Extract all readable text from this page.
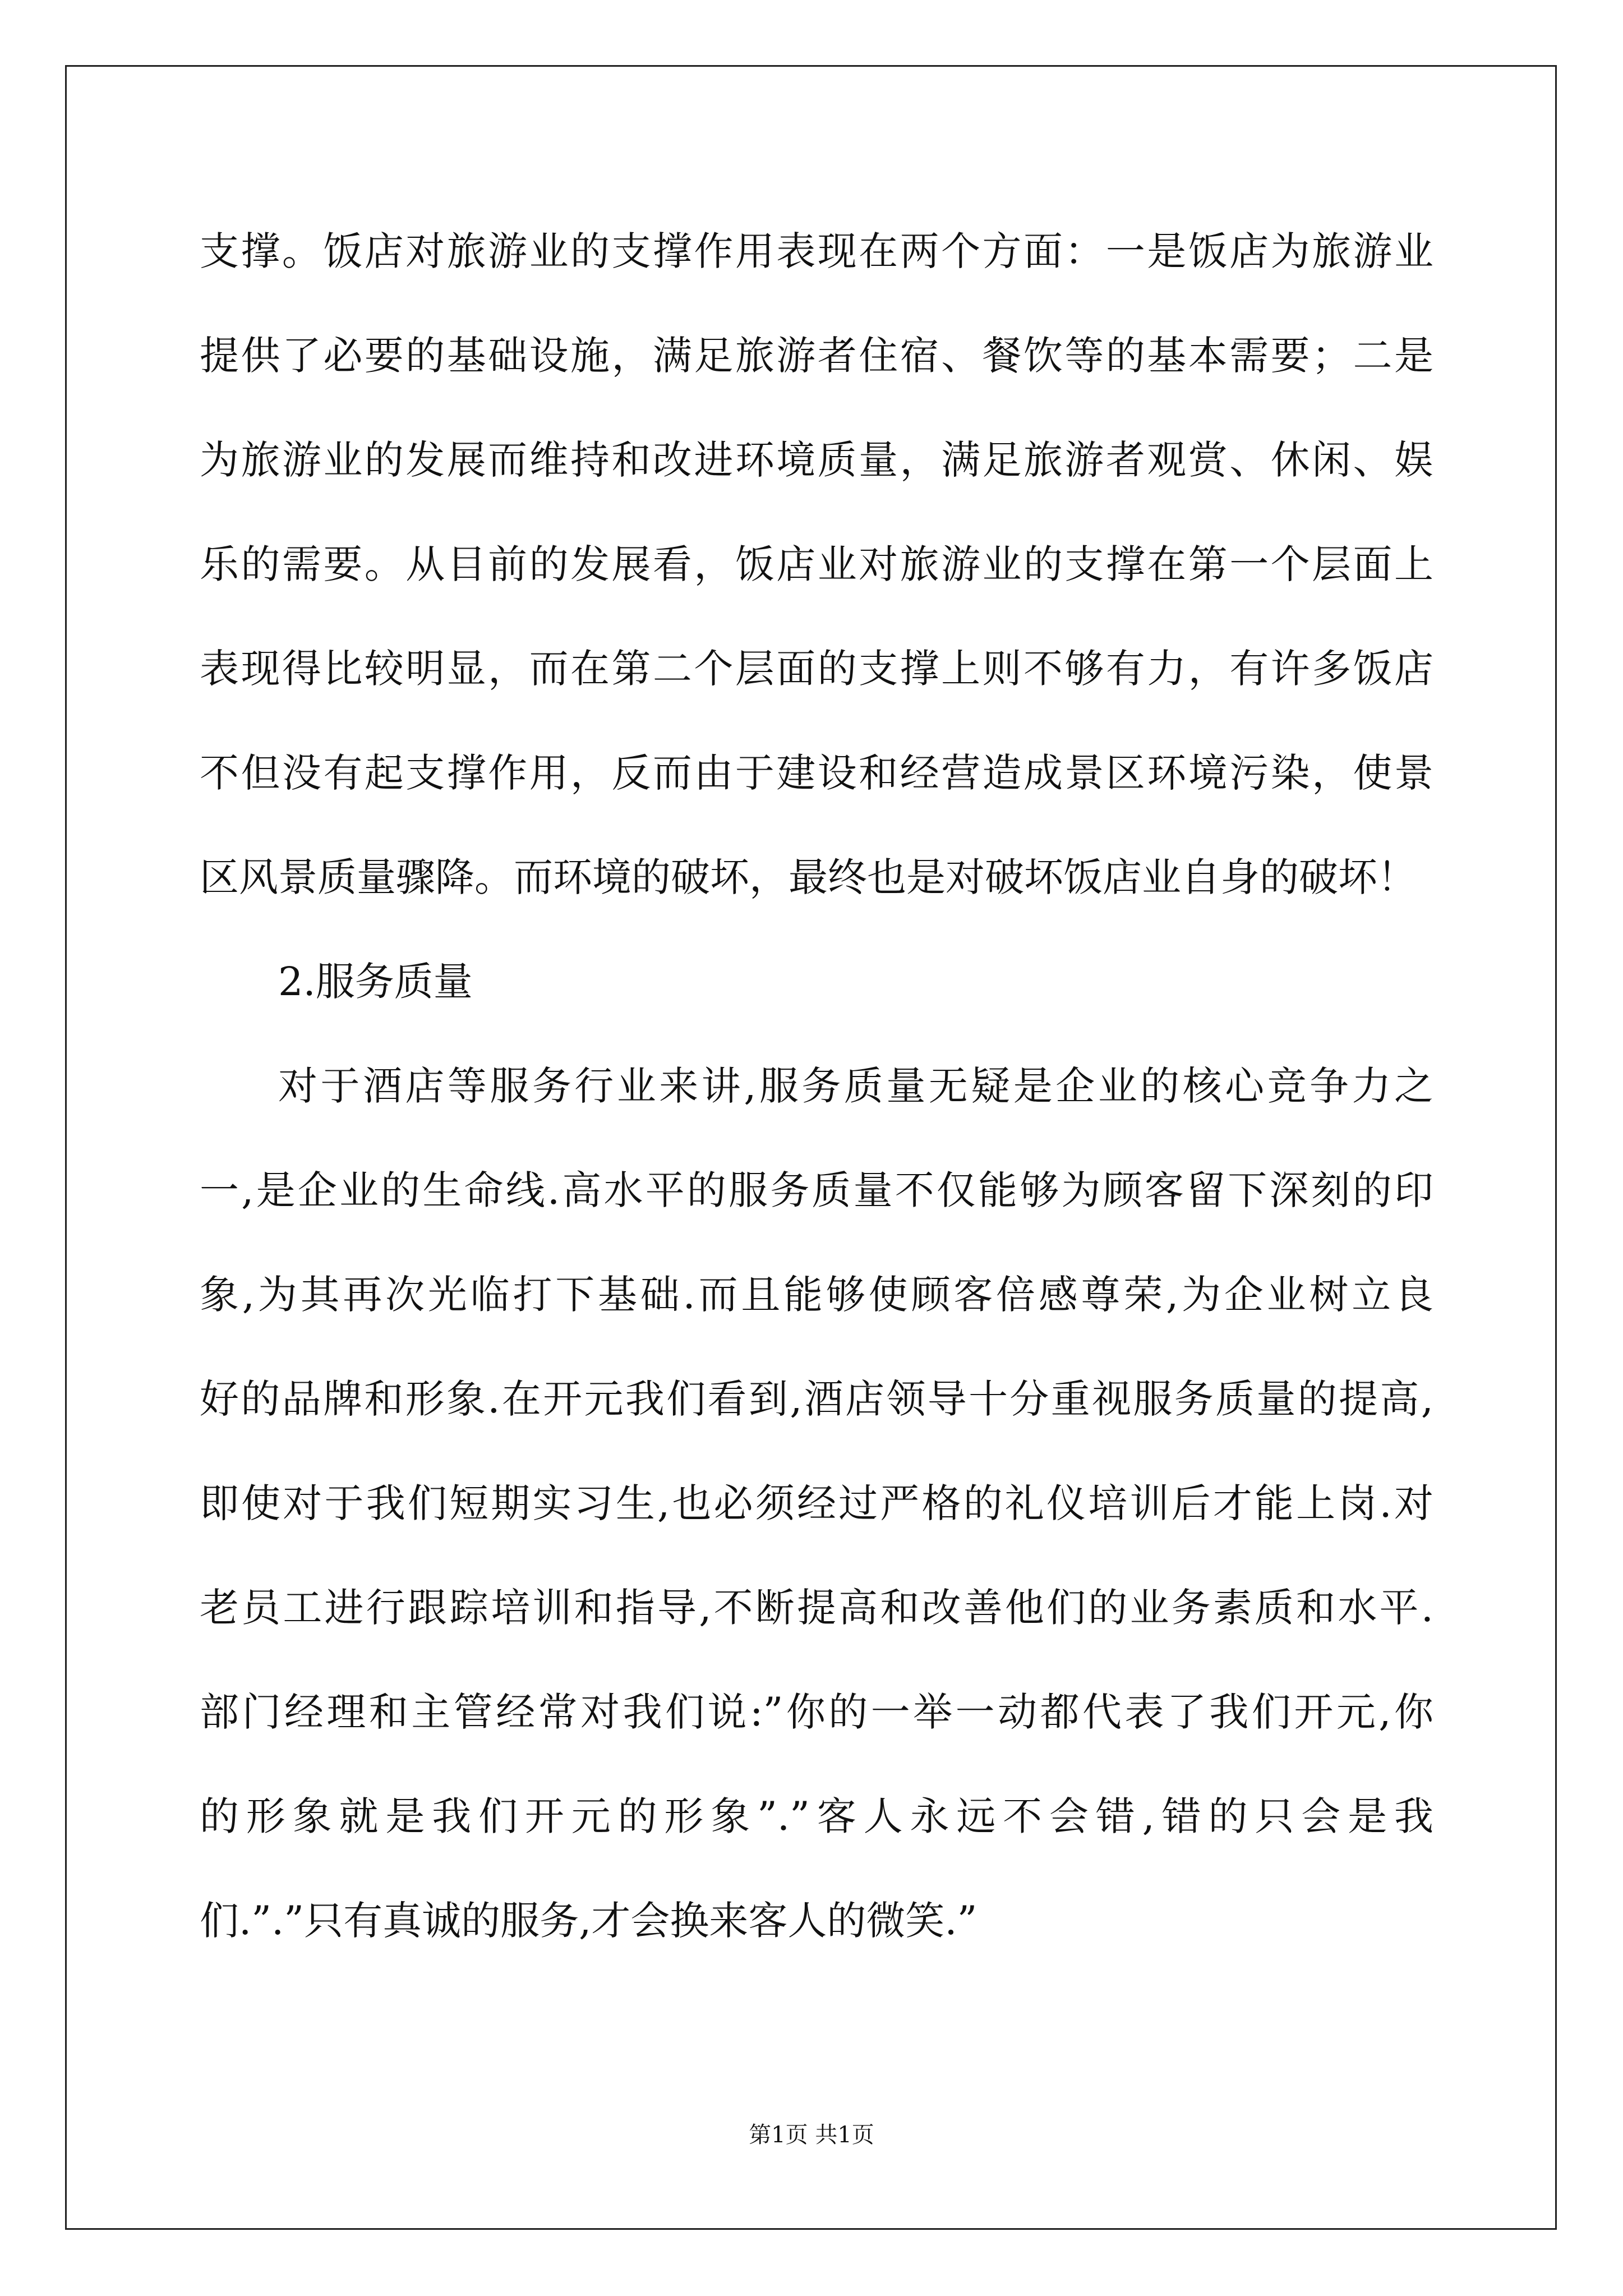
支撑。饭店对旅游业的支撑作用表现在两个方面：一是饭店为旅游业
提供了必要的基础设施，满足旅游者住宿、餐饮等的基本需要；二是
为旅游业的发展而维持和改进环境质量，满足旅游者观赏、休闲、娱
乐的需要。从目前的发展看，饭店业对旅游业的支撑在第一个层面上
表现得比较明显，而在第二个层面的支撑上则不够有力，有许多饭店
不但没有起支撑作用，反而由于建设和经营造成景区环境污染，使景
区风景质量骤降。而环境的破坏，最终也是对破坏饭店业自身的破坏！
2.服务质量
对于酒店等服务行业来讲,服务质量无疑是企业的核心竞争力之
一,是企业的生命线.高水平的服务质量不仅能够为顾客留下深刻的印
象,为其再次光临打下基础.而且能够使顾客倍感尊荣,为企业树立良
好的品牌和形象.在开元我们看到,酒店领导十分重视服务质量的提高,
即使对于我们短期实习生,也必须经过严格的礼仪培训后才能上岗.对
老员工进行跟踪培训和指导,不断提高和改善他们的业务素质和水平.
部门经理和主管经常对我们说:”你的一举一动都代表了我们开元,你
的形象就是我们开元的形象”.”客人永远不会错,错的只会是我
们.”.”只有真诚的服务,才会换来客人的微笑.”
第1页 共1页
